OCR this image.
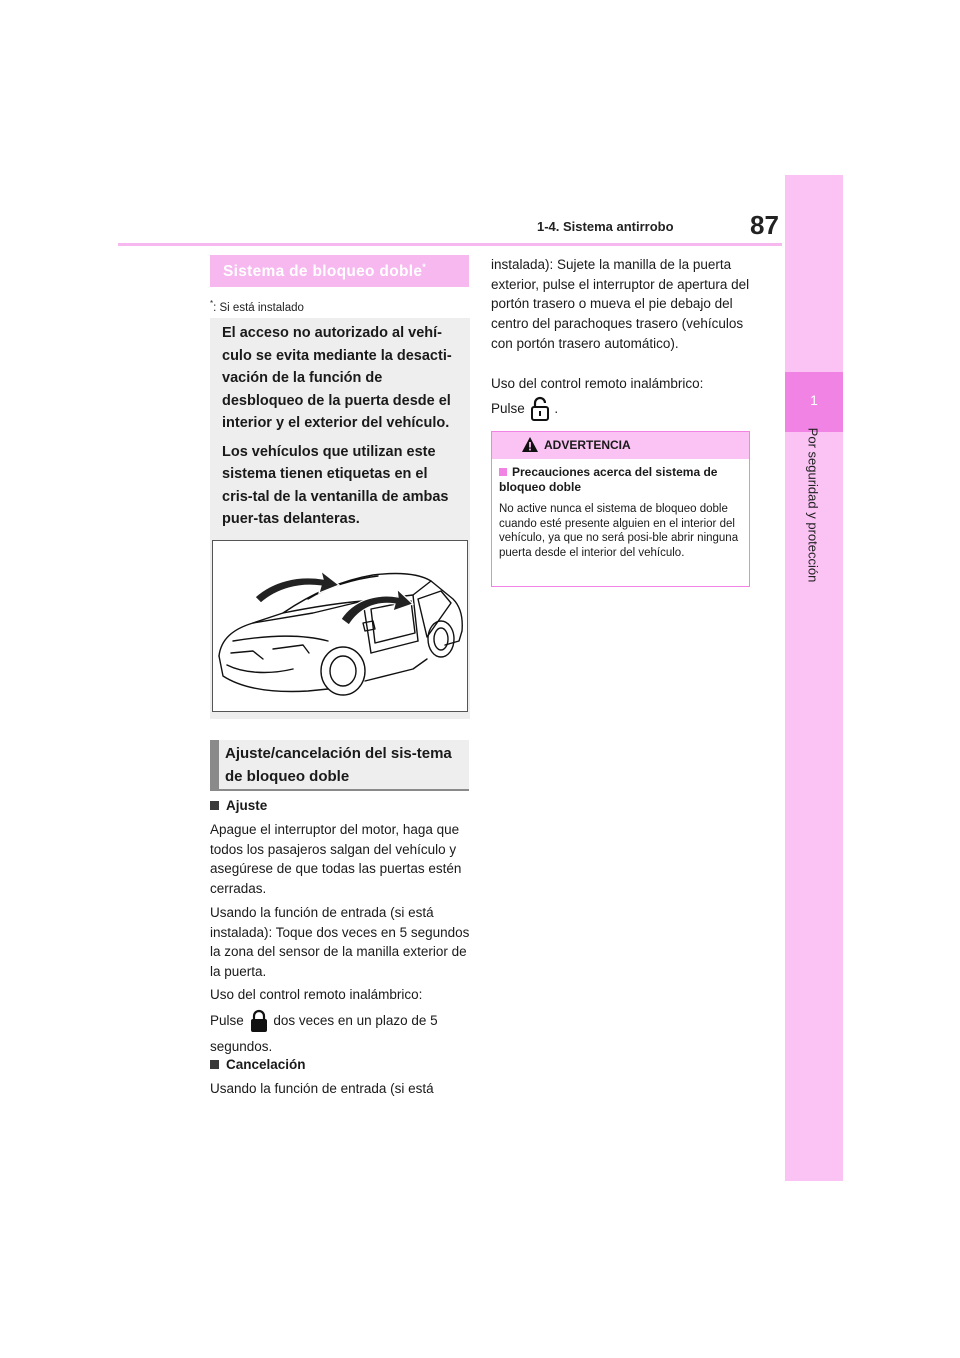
1-4. Sistema antirrobo	87
1
Por seguridad y protección
Sistema de bloqueo doble*
*: Si está instalado

El acceso no autorizado al vehí-culo se evita mediante la desacti-vación de la función de desbloqueo de la puerta desde el interior y el exterior del vehículo.

Los vehículos que utilizan este sistema tienen etiquetas en el cris-tal de la ventanilla de ambas puer-tas delanteras.

Ajuste/cancelación del sis-tema de bloqueo doble
Ajuste
Apague el interruptor del motor, haga que todos los pasajeros salgan del vehículo y asegúrese de que todas las puertas estén cerradas.
Usando la función de entrada (si está instalada): Toque dos veces en 5 segundos la zona del sensor de la manilla exterior de la puerta.
Uso del control remoto inalámbrico:
Pulse dos veces en un plazo de 5 segundos.
Cancelación
Usando la función de entrada (si está
instalada): Sujete la manilla de la puerta exterior, pulse el interruptor de apertura del portón trasero o mueva el pie debajo del centro del parachoques trasero (vehículos con portón trasero automático).
Uso del control remoto inalámbrico:
Pulse .
ADVERTENCIA
Precauciones acerca del sistema de bloqueo doble
No active nunca el sistema de bloqueo doble cuando esté presente alguien en el interior del vehículo, ya que no será posi-ble abrir ninguna puerta desde el interior del vehículo.
